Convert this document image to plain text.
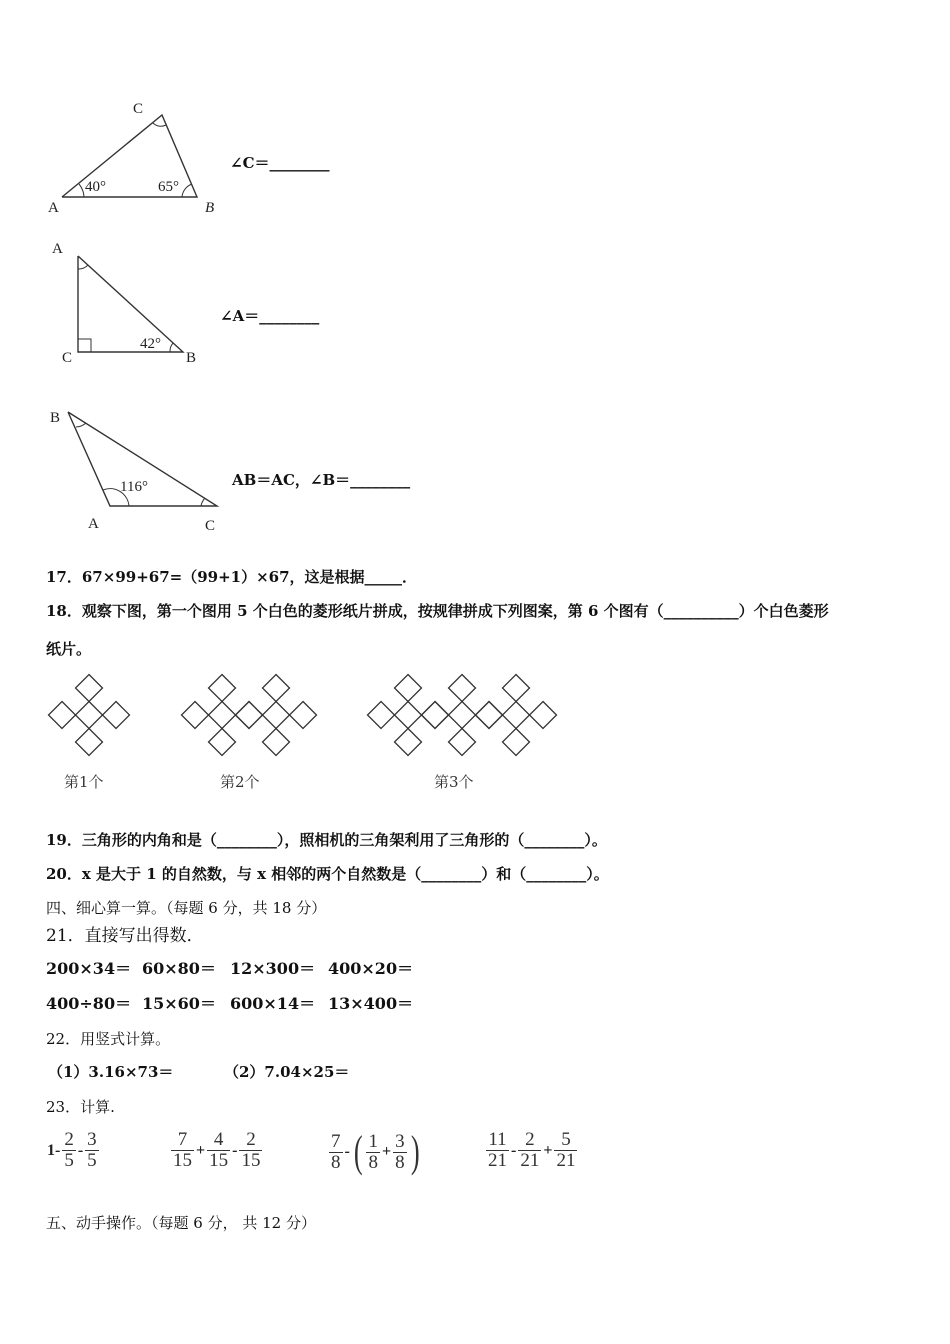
C
A	B
40°	65°
∠C＝________
A
C	B
42°
∠A＝________
B
A	C
116°	AB＝AC，∠B＝________
17．67×99+67=（99+1）×67，这是根据_____．
18．观察下图，第一个图用 5 个白色的菱形纸片拼成，按规律拼成下列图案，第 6 个图有（__________）个白色菱形
纸片。
第1个	第2个	第3个
19．三角形的内角和是（________），照相机的三角架利用了三角形的（________）。
20．x 是大于 1 的自然数，与 x 相邻的两个自然数是（________）和（________）。
四、细心算一算。（每题 6 分，共 18 分）
21．直接写出得数．
200×34＝ 60×80＝ 12×300＝ 400×20＝
400÷80＝ 15×60＝ 600×14＝ 13×400＝
22．用竖式计算。
（1）3.16×73＝	（2）7.04×25＝
23．计算.
$1- \frac{2}{5} - \frac{3}{5}$	$\frac{7}{15} + \frac{4}{15} - \frac{2}{15}$	$\frac{7}{8}$ - ( $\frac{1}{8} + \frac{3}{8}$ )	$\frac{11}{21} - \frac{2}{21} + \frac{5}{21}$
五、动手操作。（每题 6 分， 共 12 分）
